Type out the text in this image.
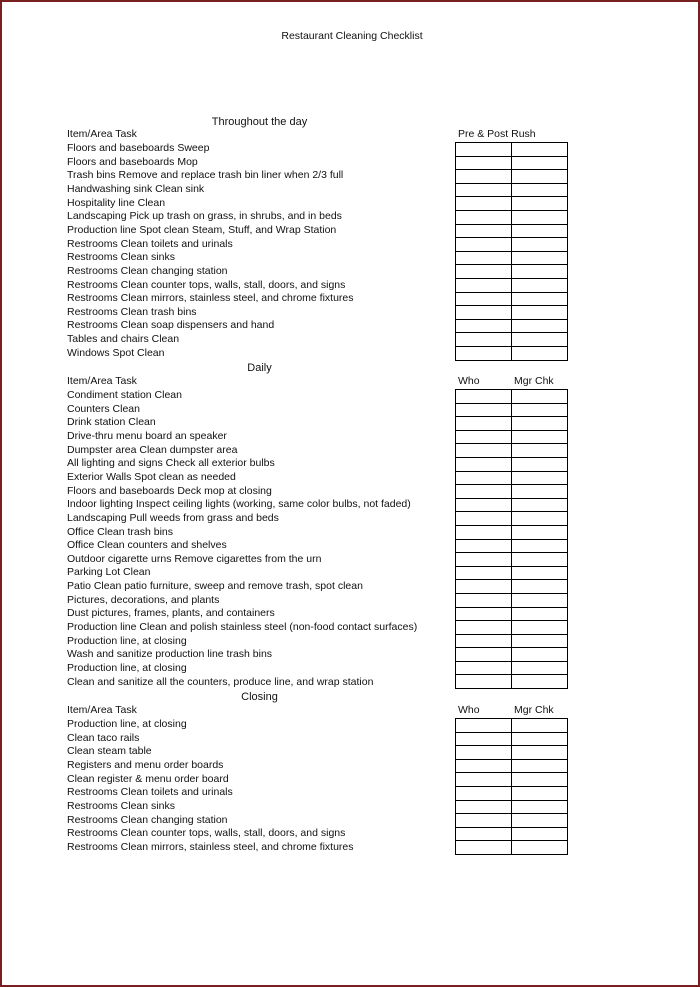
Restaurant Cleaning Checklist
Throughout the day
Item/Area Task	Pre & Post Rush
Floors and baseboards Sweep
Floors and baseboards Mop
Trash bins Remove and replace trash bin liner when 2/3 full
Handwashing sink Clean sink
Hospitality line Clean
Landscaping Pick up trash on grass, in shrubs, and in beds
Production line Spot clean Steam, Stuff, and Wrap Station
Restrooms Clean toilets and urinals
Restrooms Clean sinks
Restrooms Clean changing station
Restrooms Clean counter tops, walls, stall, doors, and signs
Restrooms Clean mirrors, stainless steel, and chrome fixtures
Restrooms Clean trash bins
Restrooms Clean soap dispensers and hand
Tables and chairs Clean
Windows Spot Clean

Daily
Item/Area Task	Who	Mgr Chk
Condiment station Clean
Counters Clean
Drink station Clean
Drive-thru menu board an speaker
Dumpster area Clean dumpster area
All lighting and signs Check all exterior bulbs
Exterior Walls Spot clean as needed
Floors and baseboards Deck mop at closing
Indoor lighting Inspect ceiling lights (working, same color bulbs, not faded)
Landscaping Pull weeds from grass and beds
Office Clean trash bins
Office Clean counters and shelves
Outdoor cigarette urns Remove cigarettes from the urn
Parking Lot Clean
Patio Clean patio furniture, sweep and remove trash, spot clean
Pictures, decorations, and plants
Dust pictures, frames, plants, and containers
Production line Clean and polish stainless steel (non-food contact surfaces)
Production line, at closing
Wash and sanitize production line trash bins
Production line, at closing
Clean and sanitize all the counters, produce line, and wrap station

Closing
Item/Area Task	Who	Mgr Chk
Production line, at closing
Clean taco rails
Clean steam table
Registers and menu order boards
Clean register & menu order board
Restrooms Clean toilets and urinals
Restrooms Clean sinks
Restrooms Clean changing station
Restrooms Clean counter tops, walls, stall, doors, and signs
Restrooms Clean mirrors, stainless steel, and chrome fixtures
